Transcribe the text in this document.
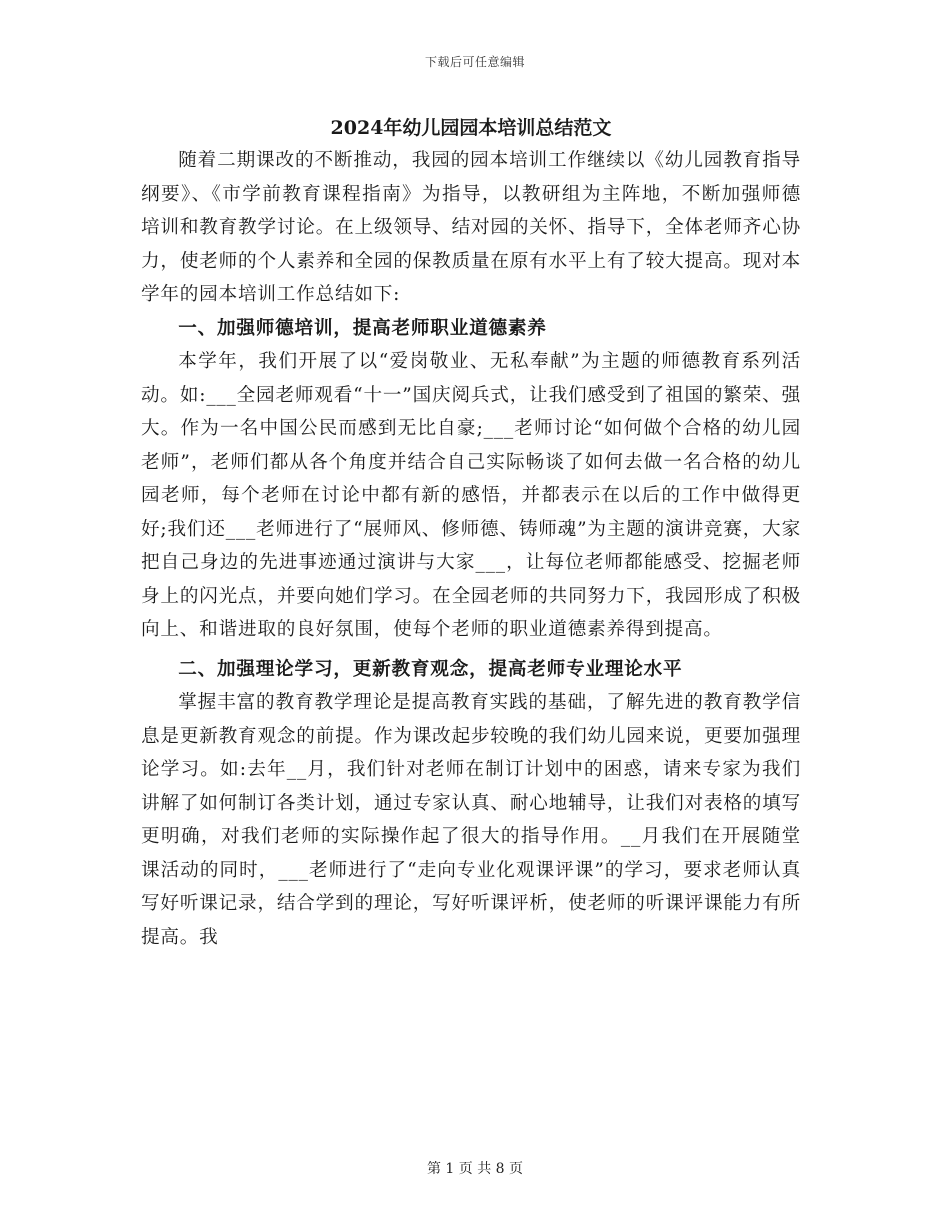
下载后可任意编辑
2024年幼儿园园本培训总结范文

随着二期课改的不断推动，我园的园本培训工作继续以《幼儿园教育指导纲要》、《市学前教育课程指南》为指导，以教研组为主阵地，不断加强师德培训和教育教学讨论。在上级领导、结对园的关怀、指导下，全体老师齐心协力，使老师的个人素养和全园的保教质量在原有水平上有了较大提高。现对本学年的园本培训工作总结如下:

一、加强师德培训，提高老师职业道德素养

本学年，我们开展了以“爱岗敬业、无私奉献”为主题的师德教育系列活动。如:___全园老师观看“十一”国庆阅兵式，让我们感受到了祖国的繁荣、强大。作为一名中国公民而感到无比自豪;___老师讨论“如何做个合格的幼儿园老师”，老师们都从各个角度并结合自己实际畅谈了如何去做一名合格的幼儿园老师，每个老师在讨论中都有新的感悟，并都表示在以后的工作中做得更好;我们还___老师进行了“展师风、修师德、铸师魂”为主题的演讲竞赛，大家把自己身边的先进事迹通过演讲与大家___，让每位老师都能感受、挖掘老师身上的闪光点，并要向她们学习。在全园老师的共同努力下，我园形成了积极向上、和谐进取的良好氛围，使每个老师的职业道德素养得到提高。

二、加强理论学习，更新教育观念，提高老师专业理论水平

掌握丰富的教育教学理论是提高教育实践的基础，了解先进的教育教学信息是更新教育观念的前提。作为课改起步较晚的我们幼儿园来说，更要加强理论学习。如:去年__月，我们针对老师在制订计划中的困惑，请来专家为我们讲解了如何制订各类计划，通过专家认真、耐心地辅导，让我们对表格的填写更明确，对我们老师的实际操作起了很大的指导作用。__月我们在开展随堂课活动的同时，___老师进行了“走向专业化观课评课”的学习，要求老师认真写好听课记录，结合学到的理论，写好听课评析，使老师的听课评课能力有所提高。我

第 1 页 共 8 页
